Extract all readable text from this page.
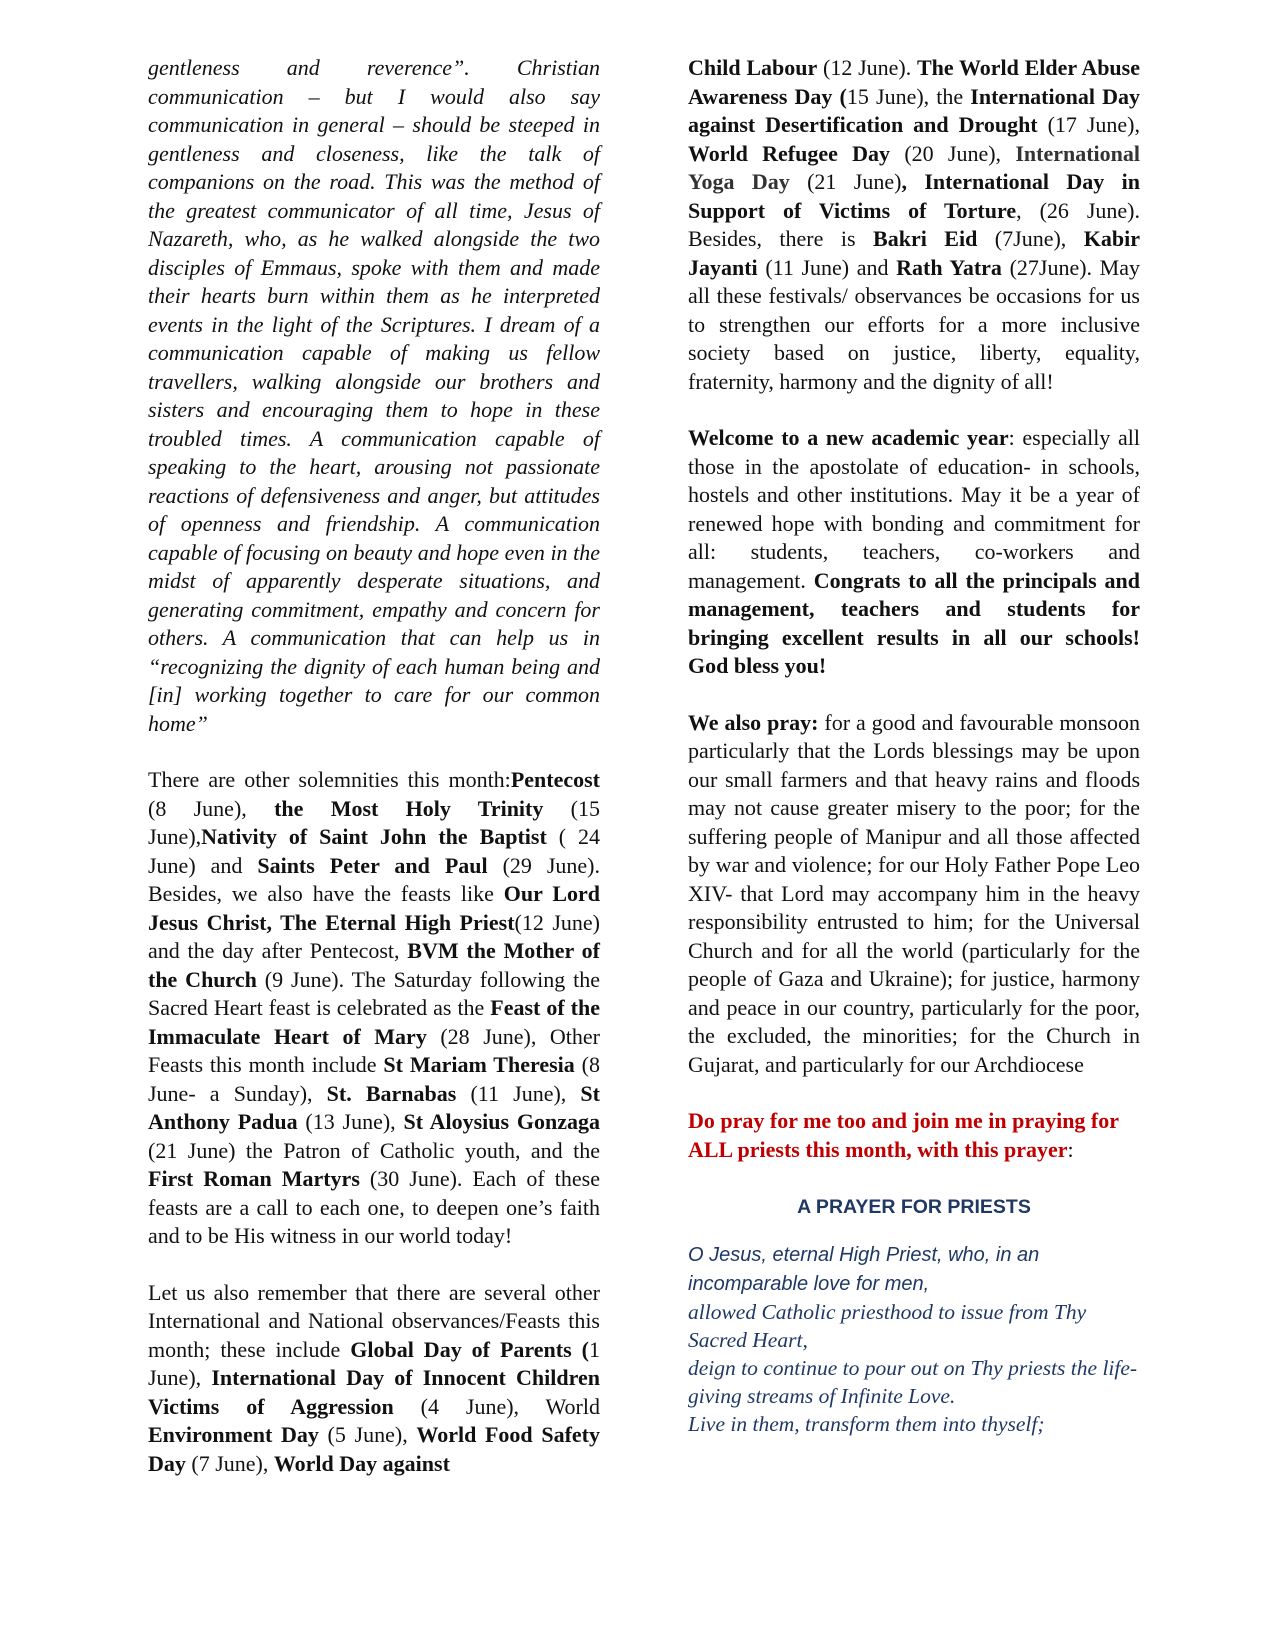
gentleness and reverence”. Christian communication – but I would also say communication in general – should be steeped in gentleness and closeness, like the talk of companions on the road. This was the method of the greatest communicator of all time, Jesus of Nazareth, who, as he walked alongside the two disciples of Emmaus, spoke with them and made their hearts burn within them as he interpreted events in the light of the Scriptures. I dream of a communication capable of making us fellow travellers, walking alongside our brothers and sisters and encouraging them to hope in these troubled times. A communication capable of speaking to the heart, arousing not passionate reactions of defensiveness and anger, but attitudes of openness and friendship. A communication capable of focusing on beauty and hope even in the midst of apparently desperate situations, and generating commitment, empathy and concern for others. A communication that can help us in “recognizing the dignity of each human being and [in] working together to care for our common home”

There are other solemnities this month:Pentecost (8 June), the Most Holy Trinity (15 June),Nativity of Saint John the Baptist ( 24 June) and Saints Peter and Paul (29 June). Besides, we also have the feasts like Our Lord Jesus Christ, The Eternal High Priest(12 June) and the day after Pentecost, BVM the Mother of the Church (9 June). The Saturday following the Sacred Heart feast is celebrated as the Feast of the Immaculate Heart of Mary (28 June), Other Feasts this month include St Mariam Theresia (8 June- a Sunday), St. Barnabas (11 June), St Anthony Padua (13 June), St Aloysius Gonzaga (21 June) the Patron of Catholic youth, and the First Roman Martyrs (30 June). Each of these feasts are a call to each one, to deepen one’s faith and to be His witness in our world today!

Let us also remember that there are several other International and National observances/Feasts this month; these include Global Day of Parents (1 June), International Day of Innocent Children Victims of Aggression (4 June), World Environment Day (5 June), World Food Safety Day (7 June), World Day against

Child Labour (12 June). The World Elder Abuse Awareness Day (15 June), the International Day against Desertification and Drought (17 June), World Refugee Day (20 June), International Yoga Day (21 June), International Day in Support of Victims of Torture, (26 June). Besides, there is Bakri Eid (7June), Kabir Jayanti (11 June) and Rath Yatra (27June). May all these festivals/ observances be occasions for us to strengthen our efforts for a more inclusive society based on justice, liberty, equality, fraternity, harmony and the dignity of all!

Welcome to a new academic year: especially all those in the apostolate of education- in schools, hostels and other institutions. May it be a year of renewed hope with bonding and commitment for all: students, teachers, co-workers and management. Congrats to all the principals and management, teachers and students for bringing excellent results in all our schools! God bless you!

We also pray: for a good and favourable monsoon particularly that the Lords blessings may be upon our small farmers and that heavy rains and floods may not cause greater misery to the poor; for the suffering people of Manipur and all those affected by war and violence; for our Holy Father Pope Leo XIV- that Lord may accompany him in the heavy responsibility entrusted to him; for the Universal Church and for all the world (particularly for the people of Gaza and Ukraine); for justice, harmony and peace in our country, particularly for the poor, the excluded, the minorities; for the Church in Gujarat, and particularly for our Archdiocese

Do pray for me too and join me in praying for ALL priests this month, with this prayer:

A PRAYER FOR PRIESTS

O Jesus, eternal High Priest, who, in an incomparable love for men,
allowed Catholic priesthood to issue from Thy Sacred Heart,
deign to continue to pour out on Thy priests the life-giving streams of Infinite Love.
Live in them, transform them into thyself;
